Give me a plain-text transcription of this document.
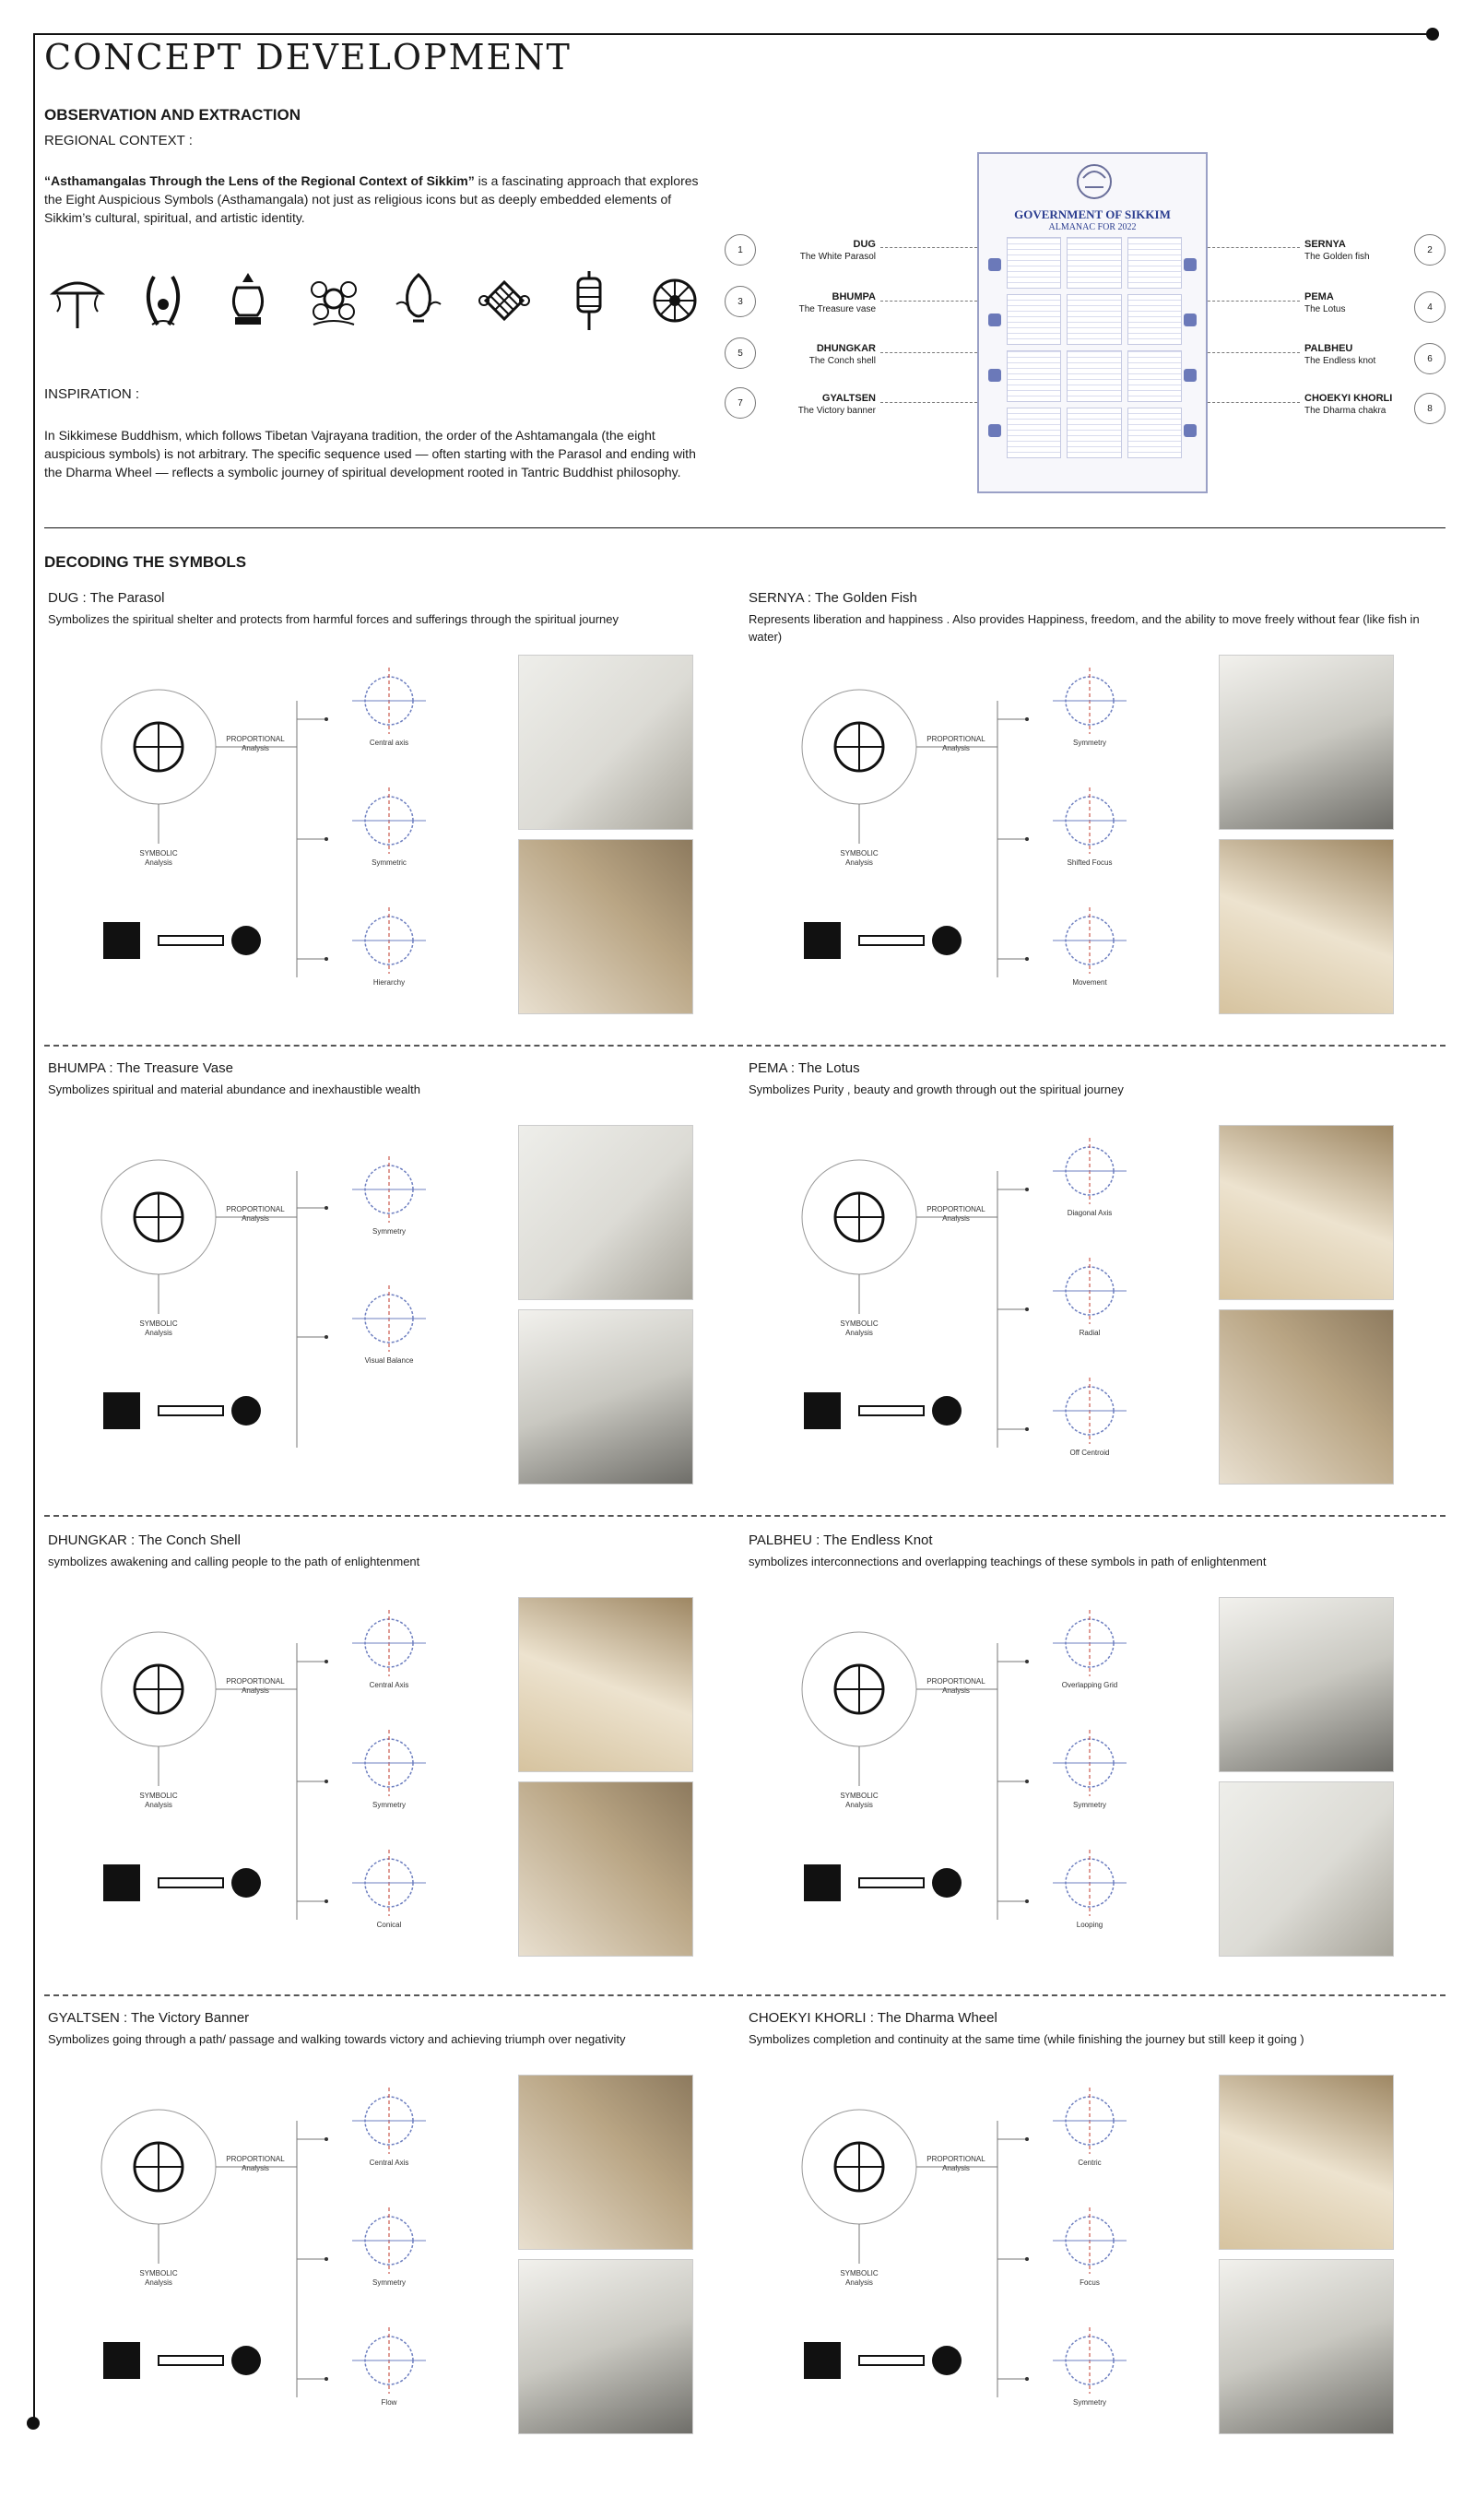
CONCEPT DEVELOPMENT
OBSERVATION AND EXTRACTION
REGIONAL CONTEXT :
“Asthamangalas Through the Lens of the Regional Context of Sikkim” is a fascinating approach that explores the Eight Auspicious Symbols (Asthamangala) not just as religious icons but as deeply embedded elements of Sikkim’s cultural, spiritual, and artistic identity.
INSPIRATION :
In Sikkimese Buddhism, which follows Tibetan Vajrayana tradition, the order of the Ashtamangala (the eight auspicious symbols) is not arbitrary. The specific sequence used — often starting with the Parasol and ending with the Dharma Wheel — reflects a symbolic journey of spiritual development rooted in Tantric Buddhist philosophy.
GOVERNMENT OF SIKKIM
ALMANAC FOR 2022
1	DUG
The White Parasol
3	BHUMPA
The Treasure vase
5	DHUNGKAR
The Conch shell
7	GYALTSEN
The Victory banner
SERNYA
The Golden fish
2
PEMA
The Lotus	4
PALBHEU
The Endless knot	6
CHOEKYI KHORLI
The Dharma chakra	8
DECODING THE SYMBOLS
DUG : The Parasol
Symbolizes the spiritual shelter and protects from harmful forces and sufferings through the spiritual journey
PROPORTIONAL
Analysis
SYMBOLIC
Analysis
Central axis
Symmetric
Hierarchy
SERNYA : The Golden Fish
Represents liberation and happiness . Also provides Happiness, freedom, and the ability to move freely without fear (like fish in water)
PROPORTIONAL
Analysis
SYMBOLIC
Analysis
Symmetry
Shifted Focus
Movement
BHUMPA : The Treasure Vase
Symbolizes spiritual and material abundance and inexhaustible wealth
PROPORTIONAL
Analysis
SYMBOLIC
Analysis
Symmetry
Visual Balance
PEMA : The Lotus
Symbolizes Purity , beauty and growth through out the spiritual journey
PROPORTIONAL
Analysis
SYMBOLIC
Analysis
Diagonal Axis
Radial
Off Centroid
DHUNGKAR : The Conch Shell
symbolizes awakening and calling people to the path of enlightenment
PROPORTIONAL
Analysis
SYMBOLIC
Analysis
Central Axis
Symmetry
Conical
PALBHEU : The Endless Knot
symbolizes interconnections and overlapping teachings of these symbols in path of enlightenment
PROPORTIONAL
Analysis
SYMBOLIC
Analysis
Overlapping Grid
Symmetry
Looping
GYALTSEN : The Victory Banner
Symbolizes going through a path/ passage and walking towards victory and achieving triumph over negativity
PROPORTIONAL
Analysis
SYMBOLIC
Analysis
Central Axis
Symmetry
Flow
CHOEKYI KHORLI : The Dharma Wheel
Symbolizes completion and continuity at the same time (while finishing the journey but still keep it going )
PROPORTIONAL
Analysis
SYMBOLIC
Analysis
Centric
Focus
Symmetry
